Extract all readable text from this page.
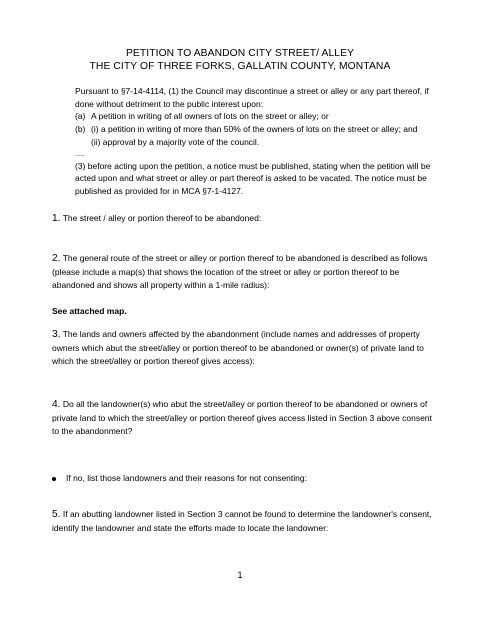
PETITION TO ABANDON CITY STREET/ ALLEY
THE CITY OF THREE FORKS, GALLATIN COUNTY, MONTANA

Pursuant to §7-14-4114, (1) the Council may discontinue a street or alley or any part thereof, if done without detriment to the public interest upon:

(a) A petition in writing of all owners of lots on the street or alley; or
(b) (i) a petition in writing of more than 50% of the owners of lots on the street or alley; and

(ii) approval by a majority vote of the council.

.....

(3) before acting upon the petition, a notice must be published, stating when the petition will be acted upon and what street or alley or part thereof is asked to be vacated. The notice must be published as provided for in MCA §7-1-4127.

1. The street / alley or portion thereof to be abandoned:
2. The general route of the street or alley or portion thereof to be abandoned is described as follows (please include a map(s) that shows the location of the street or alley or portion thereof to be abandoned and shows all property within a 1-mile radius):
See attached map.
3. The lands and owners affected by the abandonment (include names and addresses of property owners which abut the street/alley or portion thereof to be abandoned or owner(s) of private land to which the street/alley or portion thereof gives access):
4. Do all the landowner(s) who abut the street/alley or portion thereof to be abandoned or owners of private land to which the street/alley or portion thereof gives access listed in Section 3 above consent to the abandonment?
If no, list those landowners and their reasons for not consenting:
5. If an abutting landowner listed in Section 3 cannot be found to determine the landowner's consent, identify the landowner and state the efforts made to locate the landowner:
1
